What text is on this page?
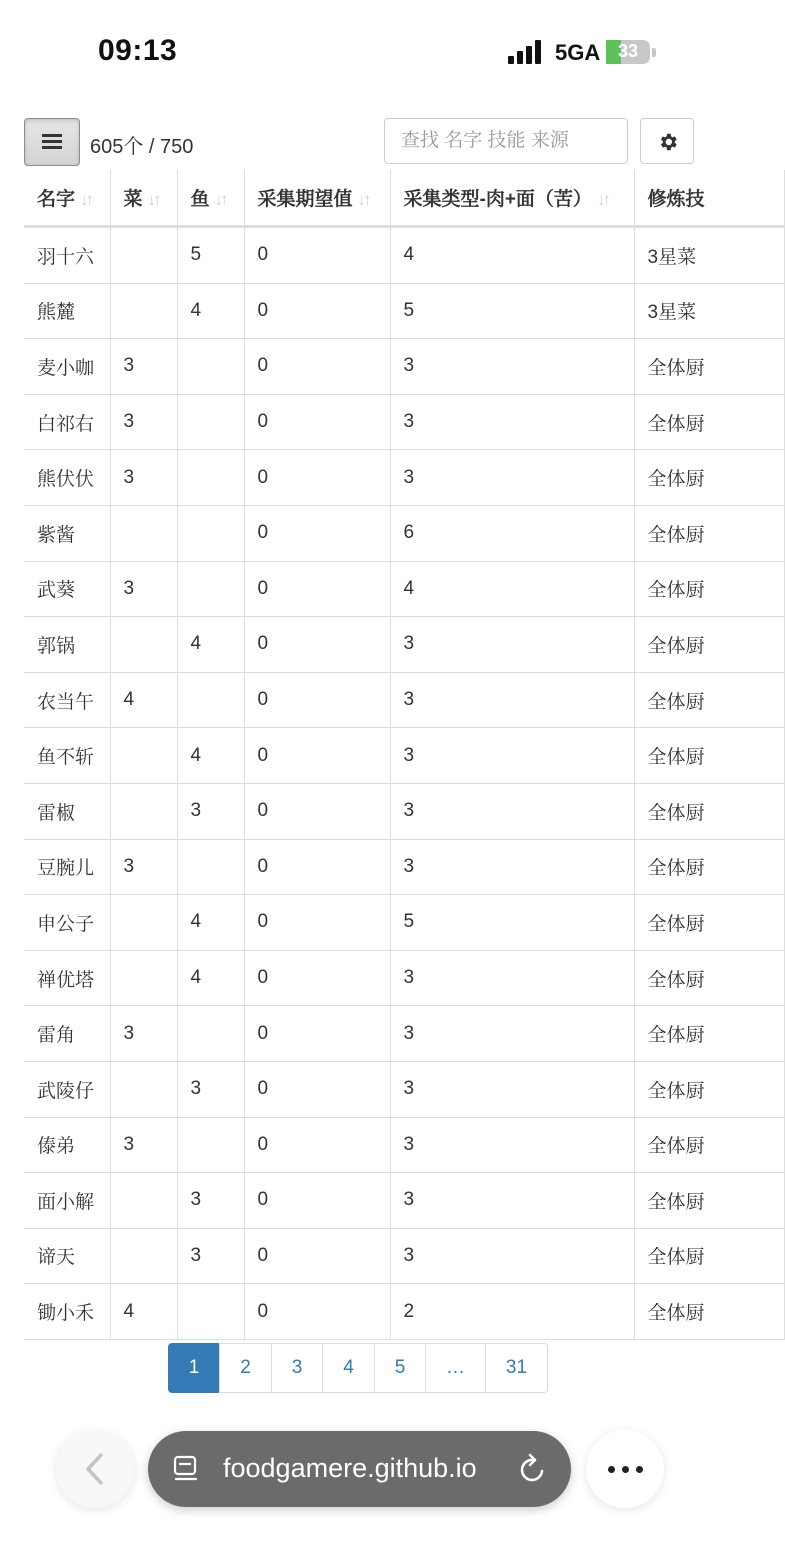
09:13	5GA 33
605个 / 750
查找 名字 技能 来源
名字 ↓↑	菜 ↓↑	鱼 ↓↑	采集期望值 ↓↑	采集类型-肉+面（苦） ↓↑	修炼技
羽十六		5	0	4	3星菜
熊麓		4	0	5	3星菜
麦小咖	3		0	3	全体厨
白祁右	3		0	3	全体厨
熊伏伏	3		0	3	全体厨
紫酱			0	6	全体厨
武葵	3		0	4	全体厨
郭锅		4	0	3	全体厨
农当午	4		0	3	全体厨
鱼不斩		4	0	3	全体厨
雷椒		3	0	3	全体厨
豆腕儿	3		0	3	全体厨
申公子		4	0	5	全体厨
禅优塔		4	0	3	全体厨
雷角	3		0	3	全体厨
武陵仔		3	0	3	全体厨
傣弟	3		0	3	全体厨
面小解		3	0	3	全体厨
谛天		3	0	3	全体厨
锄小禾	4		0	2	全体厨
1	2	3	4	5	…	31
foodgamere.github.io
